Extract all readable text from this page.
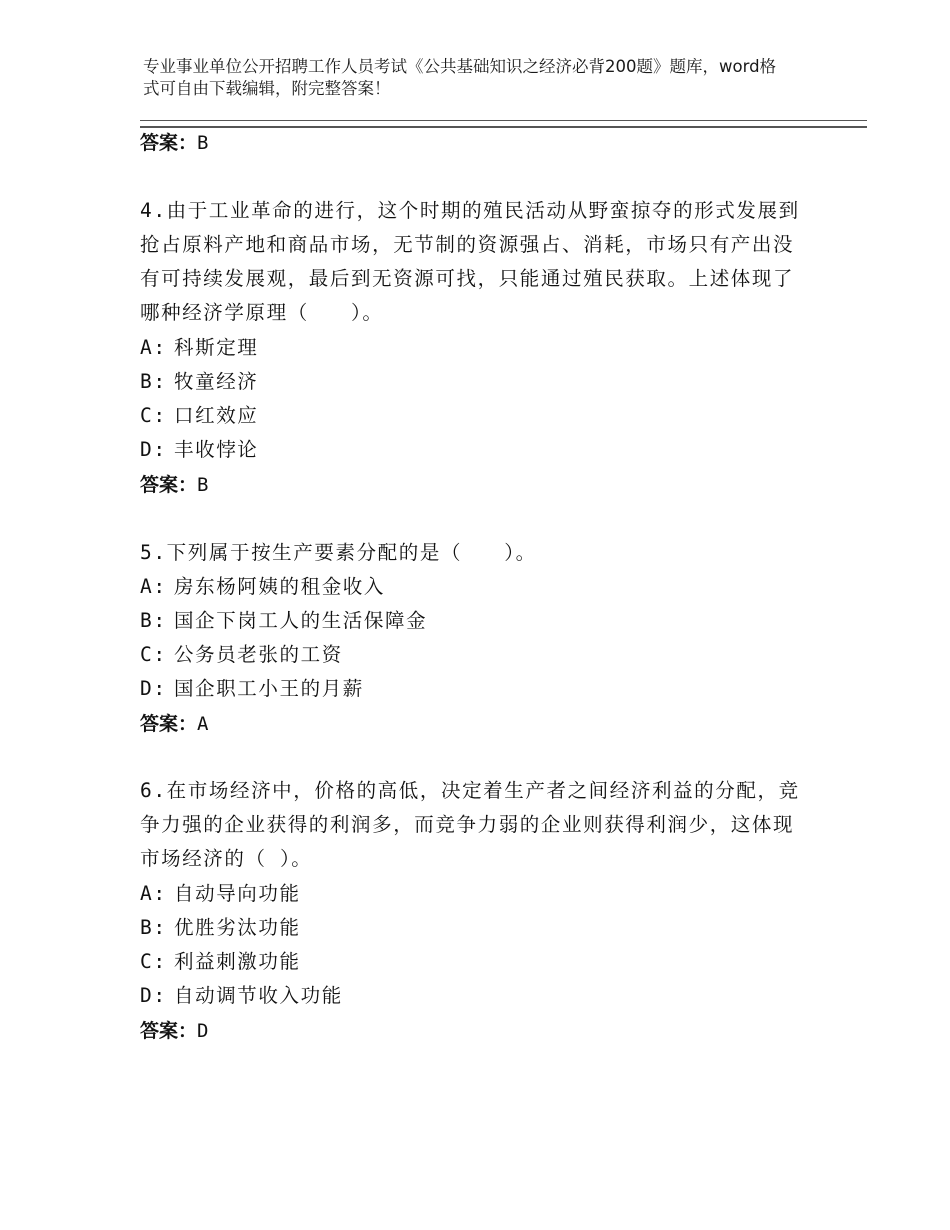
专业事业单位公开招聘工作人员考试《公共基础知识之经济必背200题》题库，word格式可自由下载编辑，附完整答案！
答案：B
4.由于工业革命的进行，这个时期的殖民活动从野蛮掠夺的形式发展到抢占原料产地和商品市场，无节制的资源强占、消耗，市场只有产出没有可持续发展观，最后到无资源可找，只能通过殖民获取。上述体现了哪种经济学原理（　　）。
A: 科斯定理
B: 牧童经济
C: 口红效应
D: 丰收悖论
答案：B
5.下列属于按生产要素分配的是（　　）。
A: 房东杨阿姨的租金收入
B: 国企下岗工人的生活保障金
C: 公务员老张的工资
D: 国企职工小王的月薪
答案：A
6.在市场经济中，价格的高低，决定着生产者之间经济利益的分配，竞争力强的企业获得的利润多，而竞争力弱的企业则获得利润少，这体现市场经济的（ ）。
A: 自动导向功能
B: 优胜劣汰功能
C: 利益刺激功能
D: 自动调节收入功能
答案：D
